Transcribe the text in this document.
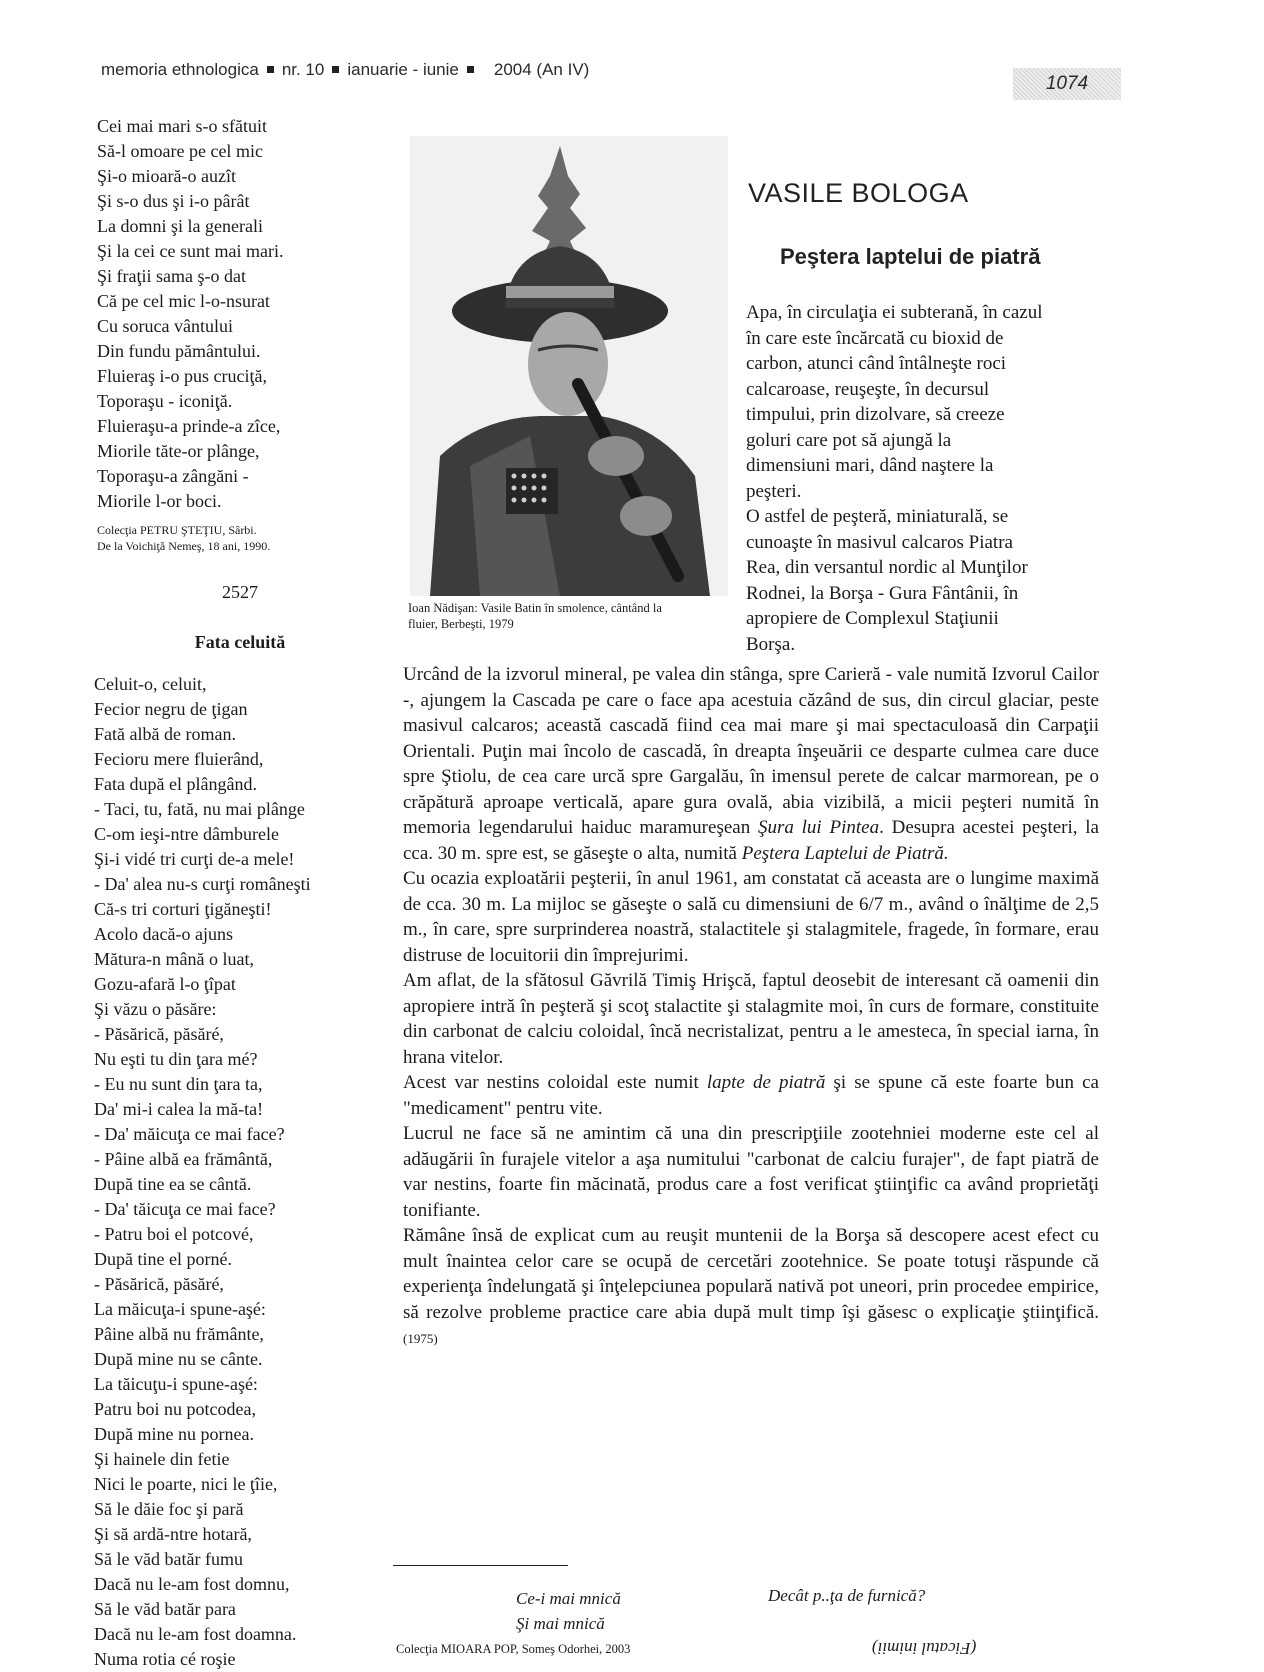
memoria ethnologica nr. 10 ianuarie - iunie 2004 (An IV)
1074
Cei mai mari s-o sfătuit
Să-l omoare pe cel mic
Şi-o mioară-o auzît
Şi s-o dus şi i-o pârât
La domni şi la generali
Şi la cei ce sunt mai mari.
Şi fraţii sama ş-o dat
Că pe cel mic l-o-nsurat
Cu soruca vântului
Din fundu pământului.
Fluieraş i-o pus cruciţă,
Toporaşu - iconiţă.
Fluieraşu-a prinde-a zîce,
Miorile tăte-or plânge,
Toporaşu-a zângăni -
Miorile l-or boci.
Colecţia PETRU ŞTEŢIU, Sârbi.
De la Voichiţă Nemeş, 18 ani, 1990.
2527
Fata celuită
Celuit-o, celuit,
Fecior negru de ţigan
Fată albă de roman.
Fecioru mere fluierând,
Fata după el plângând.
- Taci, tu, fată, nu mai plânge
C-om ieşi-ntre dâmburele
Şi-i vidé tri curţi de-a mele!
- Da' alea nu-s curţi româneşti
Că-s tri corturi ţigăneşti!
Acolo dacă-o ajuns
Mătura-n mână o luat,
Gozu-afară l-o ţîpat
Şi văzu o păsăre:
- Păsărică, păsăré,
Nu eşti tu din ţara mé?
- Eu nu sunt din ţara ta,
Da' mi-i calea la mă-ta!
- Da' măicuţa ce mai face?
- Pâine albă ea frământă,
După tine ea se cântă.
- Da' tăicuţa ce mai face?
- Patru boi el potcové,
După tine el porné.
- Păsărică, păsăré,
La măicuţa-i spune-aşé:
Pâine albă nu frământe,
După mine nu se cânte.
La tăicuţu-i spune-aşé:
Patru boi nu potcodea,
După mine nu pornea.
Şi hainele din fetie
Nici le poarte, nici le ţîie,
Să le dăie foc şi pară
Şi să ardă-ntre hotară,
Să le văd batăr fumu
Dacă nu le-am fost domnu,
Să le văd batăr para
Dacă nu le-am fost doamna.
Numa rotia cé roşie
Ioan Nădişan: Vasile Batin în smolence, cântând la
fluier, Berbeşti, 1979
VASILE BOLOGA
Peştera laptelui de piatră
Apa, în circulaţia ei subterană, în cazul
în care este încărcată cu bioxid de
carbon, atunci când întâlneşte roci
calcaroase, reuşeşte, în decursul
timpului, prin dizolvare, să creeze
goluri care pot să ajungă la
dimensiuni mari, dând naştere la
peşteri.
O astfel de peşteră, miniaturală, se
cunoaşte în masivul calcaros Piatra
Rea, din versantul nordic al Munţilor
Rodnei, la Borşa - Gura Fântânii, în
apropiere de Complexul Staţiunii
Borşa.

Urcând de la izvorul mineral, pe valea din stânga, spre Carieră - vale numită Izvorul Cailor -, ajungem la Cascada pe care o face apa acestuia căzând de sus, din circul glaciar, peste masivul calcaros; această cascadă fiind cea mai mare şi mai spectaculoasă din Carpaţii Orientali. Puţin mai încolo de cascadă, în dreapta înşeuării ce desparte culmea care duce spre Ştiolu, de cea care urcă spre Gargalău, în imensul perete de calcar marmorean, pe o crăpătură aproape verticală, apare gura ovală, abia vizibilă, a micii peşteri numită în memoria legendarului haiduc maramureşean Şura lui Pintea. Desupra acestei peşteri, la cca. 30 m. spre est, se găseşte o alta, numită Peştera Laptelui de Piatră.

Cu ocazia exploatării peşterii, în anul 1961, am constatat că aceasta are o lungime maximă de cca. 30 m. La mijloc se găseşte o sală cu dimensiuni de 6/7 m., având o înălţime de 2,5 m., în care, spre surprinderea noastră, stalactitele şi stalagmitele, fragede, în formare, erau distruse de locuitorii din împrejurimi.

Am aflat, de la sfătosul Găvrilă Timiş Hrişcă, faptul deosebit de interesant că oamenii din apropiere intră în peşteră şi scoţ stalactite şi stalagmite moi, în curs de formare, constituite din carbonat de calciu coloidal, încă necristalizat, pentru a le amesteca, în special iarna, în hrana vitelor.

Acest var nestins coloidal este numit lapte de piatră şi se spune că este foarte bun ca "medicament" pentru vite.

Lucrul ne face să ne amintim că una din prescripţiile zootehniei moderne este cel al adăugării în furajele vitelor a aşa numitului "carbonat de calciu furajer", de fapt piatră de var nestins, foarte fin măcinată, produs care a fost verificat ştiinţific ca având proprietăţi tonifiante.

Rămâne însă de explicat cum au reuşit muntenii de la Borşa să descopere acest efect cu mult înaintea celor care se ocupă de cercetări zootehnice. Se poate totuşi răspunde că experienţa îndelungată şi înţelepciunea populară nativă pot uneori, prin procedee empirice, să rezolve probleme practice care abia după mult timp îşi găsesc o explicaţie ştiinţifică. (1975)

Ce-i mai mnică
Şi mai mnică
Decât p..ţa de furnică?
Colecţia MIOARA POP, Someş Odorhei, 2003	(Ficatul inimii)
